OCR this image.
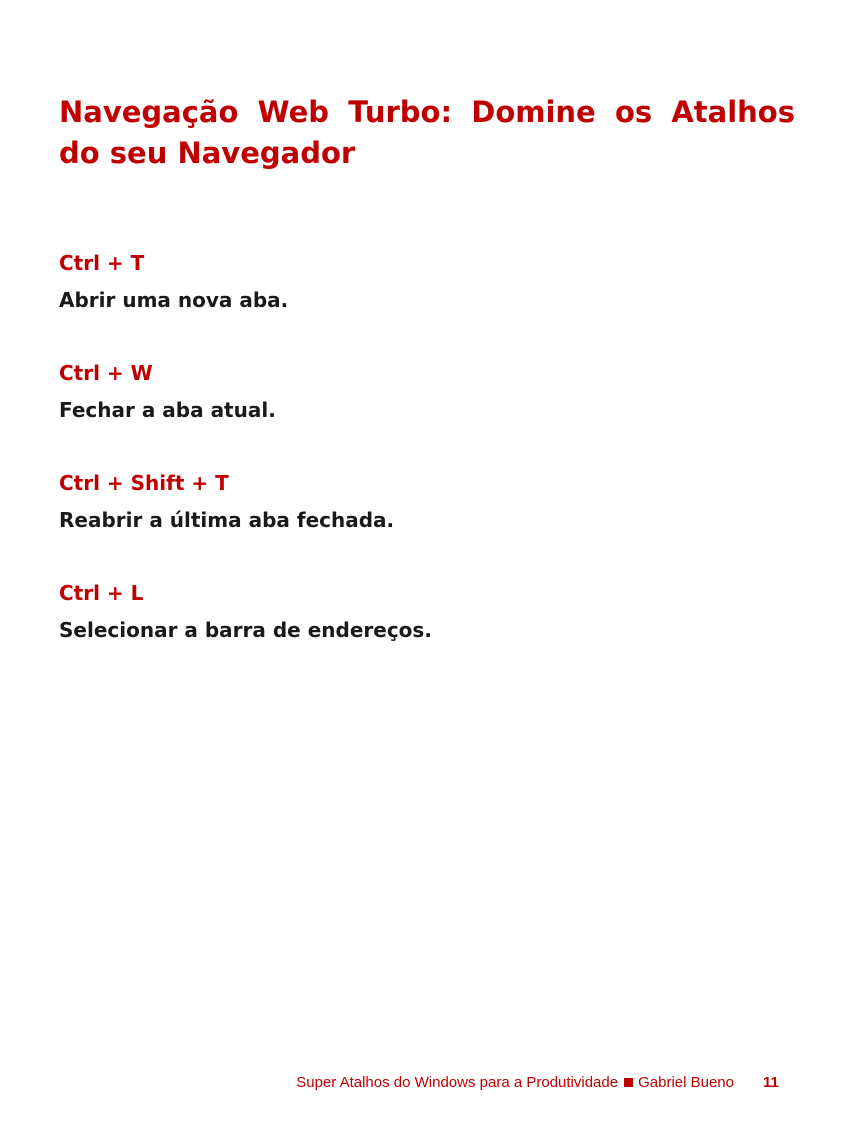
Navegação Web Turbo: Domine os Atalhos do seu Navegador

Ctrl + T

Abrir uma nova aba.

Ctrl + W

Fechar a aba atual.

Ctrl + Shift + T

Reabrir a última aba fechada.

Ctrl + L

Selecionar a barra de endereços.

Super Atalhos do Windows para a Produtividade Gabriel Bueno 11
